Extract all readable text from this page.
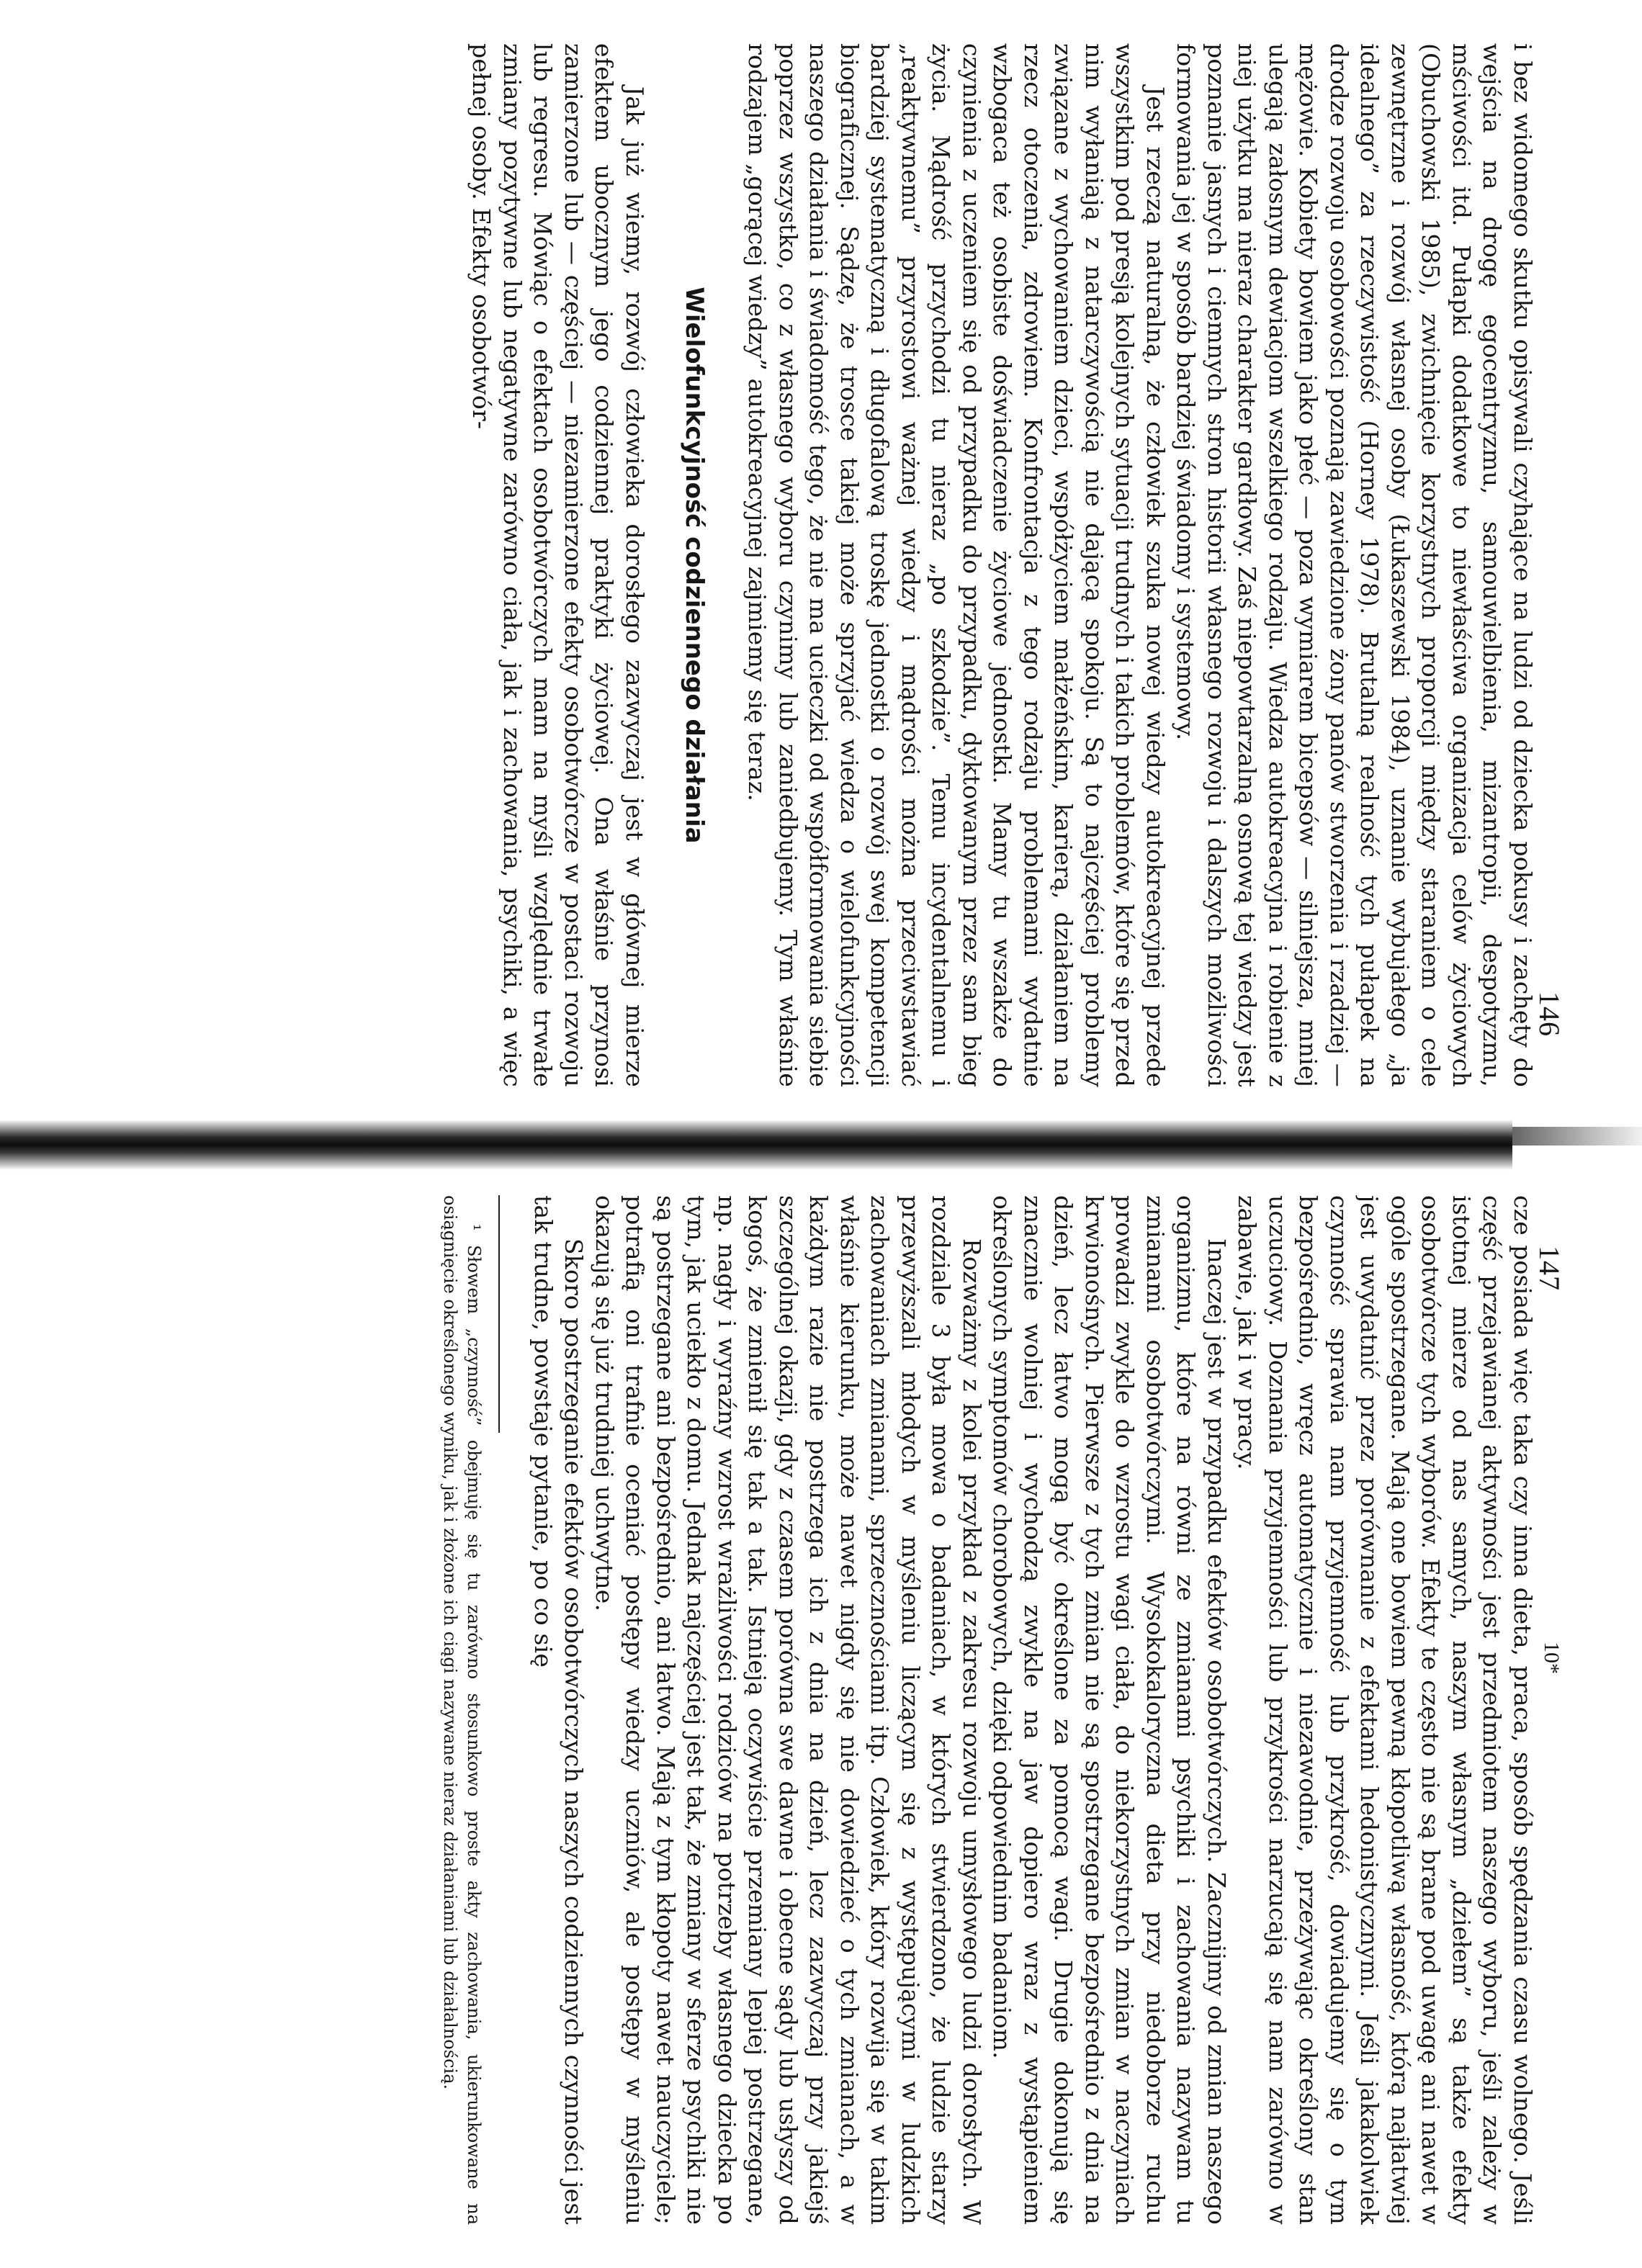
146

i bez widomego skutku opisywali czyhające na ludzi od dziecka pokusy i zachęty do wejścia na drogę egocentryzmu, samouwielbienia, mizantropii, despotyzmu, mściwości itd. Pułapki dodatkowe to niewłaściwa organizacja celów życiowych (Obuchowski 1985), zwichnięcie korzystnych proporcji między staraniem o cele zewnętrzne i rozwój własnej osoby (Łukaszewski 1984), uznanie wybujałego „ja idealnego” za rzeczywistość (Horney 1978). Brutalną realność tych pułapek na drodze rozwoju osobowości poznają zawiedzione żony panów stworzenia i rzadziej — mężowie. Kobiety bowiem jako płeć — poza wymiarem bicepsów — silniejsza, mniej ulegają załosnym dewiacjom wszelkiego rodzaju. Wiedza autokreacyjna i robienie z niej użytku ma nieraz charakter gardłowy. Zaś niepowtarzalną osnową tej wiedzy jest poznanie jasnych i ciemnych stron historii własnego rozwoju i dalszych możliwości formowania jej w sposób bardziej świadomy i systemowy.

Jest rzeczą naturalną, że człowiek szuka nowej wiedzy autokreacyjnej przede wszystkim pod presją kolejnych sytuacji trudnych i takich problemów, które się przed nim wyłaniają z natarczywością nie dającą spokoju. Są to najczęściej problemy związane z wychowaniem dzieci, współżyciem małżeńskim, karierą, działaniem na rzecz otoczenia, zdrowiem. Konfrontacja z tego rodzaju problemami wydatnie wzbogaca też osobiste doświadczenie życiowe jednostki. Mamy tu wszakże do czynienia z uczeniem się od przypadku do przypadku, dyktowanym przez sam bieg życia. Mądrość przychodzi tu nieraz „po szkodzie”. Temu incydentalnemu i „reaktywnemu” przyrostowi ważnej wiedzy i mądrości można przeciwstawiać bardziej systematyczną i długofalową troskę jednostki o rozwój swej kompetencji biograficznej. Sądzę, że trosce takiej może sprzyjać wiedza o wielofunkcyjności naszego działania i świadomość tego, że nie ma ucieczki od współformowania siebie poprzez wszystko, co z własnego wyboru czynimy lub zaniedbujemy. Tym właśnie rodzajem „gorącej wiedzy” autokreacyjnej zajmiemy się teraz.

Wielofunkcyjność codziennego działania

Jak już wiemy, rozwój człowieka dorosłego zazwyczaj jest w głównej mierze efektem ubocznym jego codziennej praktyki życiowej. Ona właśnie przynosi zamierzone lub — częściej — niezamierzone efekty osobotwórcze w postaci rozwoju lub regresu. Mówiąc o efektach osobotwórczych mam na myśli względnie trwałe zmiany pozytywne lub negatywne zarówno ciała, jak i zachowania, psychiki, a więc pełnej osoby. Efekty osobotwór-

147
10*

cze posiada więc taka czy inna dieta, praca, sposób spędzania czasu wolnego. Jeśli część przejawianej aktywności jest przedmiotem naszego wyboru, jeśli zależy w istotnej mierze od nas samych, naszym własnym „dziełem” są także efekty osobotwórcze tych wyborów. Efekty te często nie są brane pod uwagę ani nawet w ogóle spostrzegane. Mają one bowiem pewną kłopotliwą własność, którą najłatwiej jest uwydatnić przez porównanie z efektami hedonistycznymi. Jeśli jakakolwiek czynność sprawia nam przyjemność lub przykrość, dowiadujemy się o tym bezpośrednio, wręcz automatycznie i niezawodnie, przeżywając określony stan uczuciowy. Doznania przyjemności lub przykrości narzucają się nam zarówno w zabawie, jak i w pracy.

Inaczej jest w przypadku efektów osobotwórczych. Zacznijmy od zmian naszego organizmu, które na równi ze zmianami psychiki i zachowania nazywam tu zmianami osobotwórczymi. Wysokokaloryczna dieta przy niedoborze ruchu prowadzi zwykle do wzrostu wagi ciała, do niekorzystnych zmian w naczyniach krwionośnych. Pierwsze z tych zmian nie są spostrzegane bezpośrednio z dnia na dzień, lecz łatwo mogą być określone za pomocą wagi. Drugie dokonują się znacznie wolniej i wychodzą zwykle na jaw dopiero wraz z wystąpieniem określonych symptomów chorobowych, dzięki odpowiednim badaniom.

Rozważmy z kolei przykład z zakresu rozwoju umysłowego ludzi dorosłych. W rozdziale 3 była mowa o badaniach, w których stwierdzono, że ludzie starzy przewyższali młodych w myśleniu liczącym się z występującymi w ludzkich zachowaniach zmianami, sprzecznościami itp. Człowiek, który rozwija się w takim właśnie kierunku, może nawet nigdy się nie dowiedzieć o tych zmianach, a w każdym razie nie postrzega ich z dnia na dzień, lecz zazwyczaj przy jakiejś szczególnej okazji, gdy z czasem porówna swe dawne i obecne sądy lub usłyszy od kogoś, że zmienił się tak a tak. Istnieją oczywiście przemiany lepiej postrzegane, np. nagły i wyraźny wzrost wrażliwości rodziców na potrzeby własnego dziecka po tym, jak uciekło z domu. Jednak najczęściej jest tak, że zmiany w sferze psychiki nie są postrzegane ani bezpośrednio, ani łatwo. Mają z tym kłopoty nawet nauczyciele; potrafią oni trafnie oceniać postępy wiedzy uczniów, ale postępy w myśleniu okazują się już trudniej uchwytne.

Skoro postrzeganie efektów osobotwórczych naszych codziennych czynności jest tak trudne, powstaje pytanie, po co się

¹ Słowem „czynność” obejmuję się tu zarówno stosunkowo proste akty zachowania, ukierunkowane na osiągnięcie określonego wyniku, jak i złożone ich ciągi nazywane nieraz działaniami lub działalnością.
